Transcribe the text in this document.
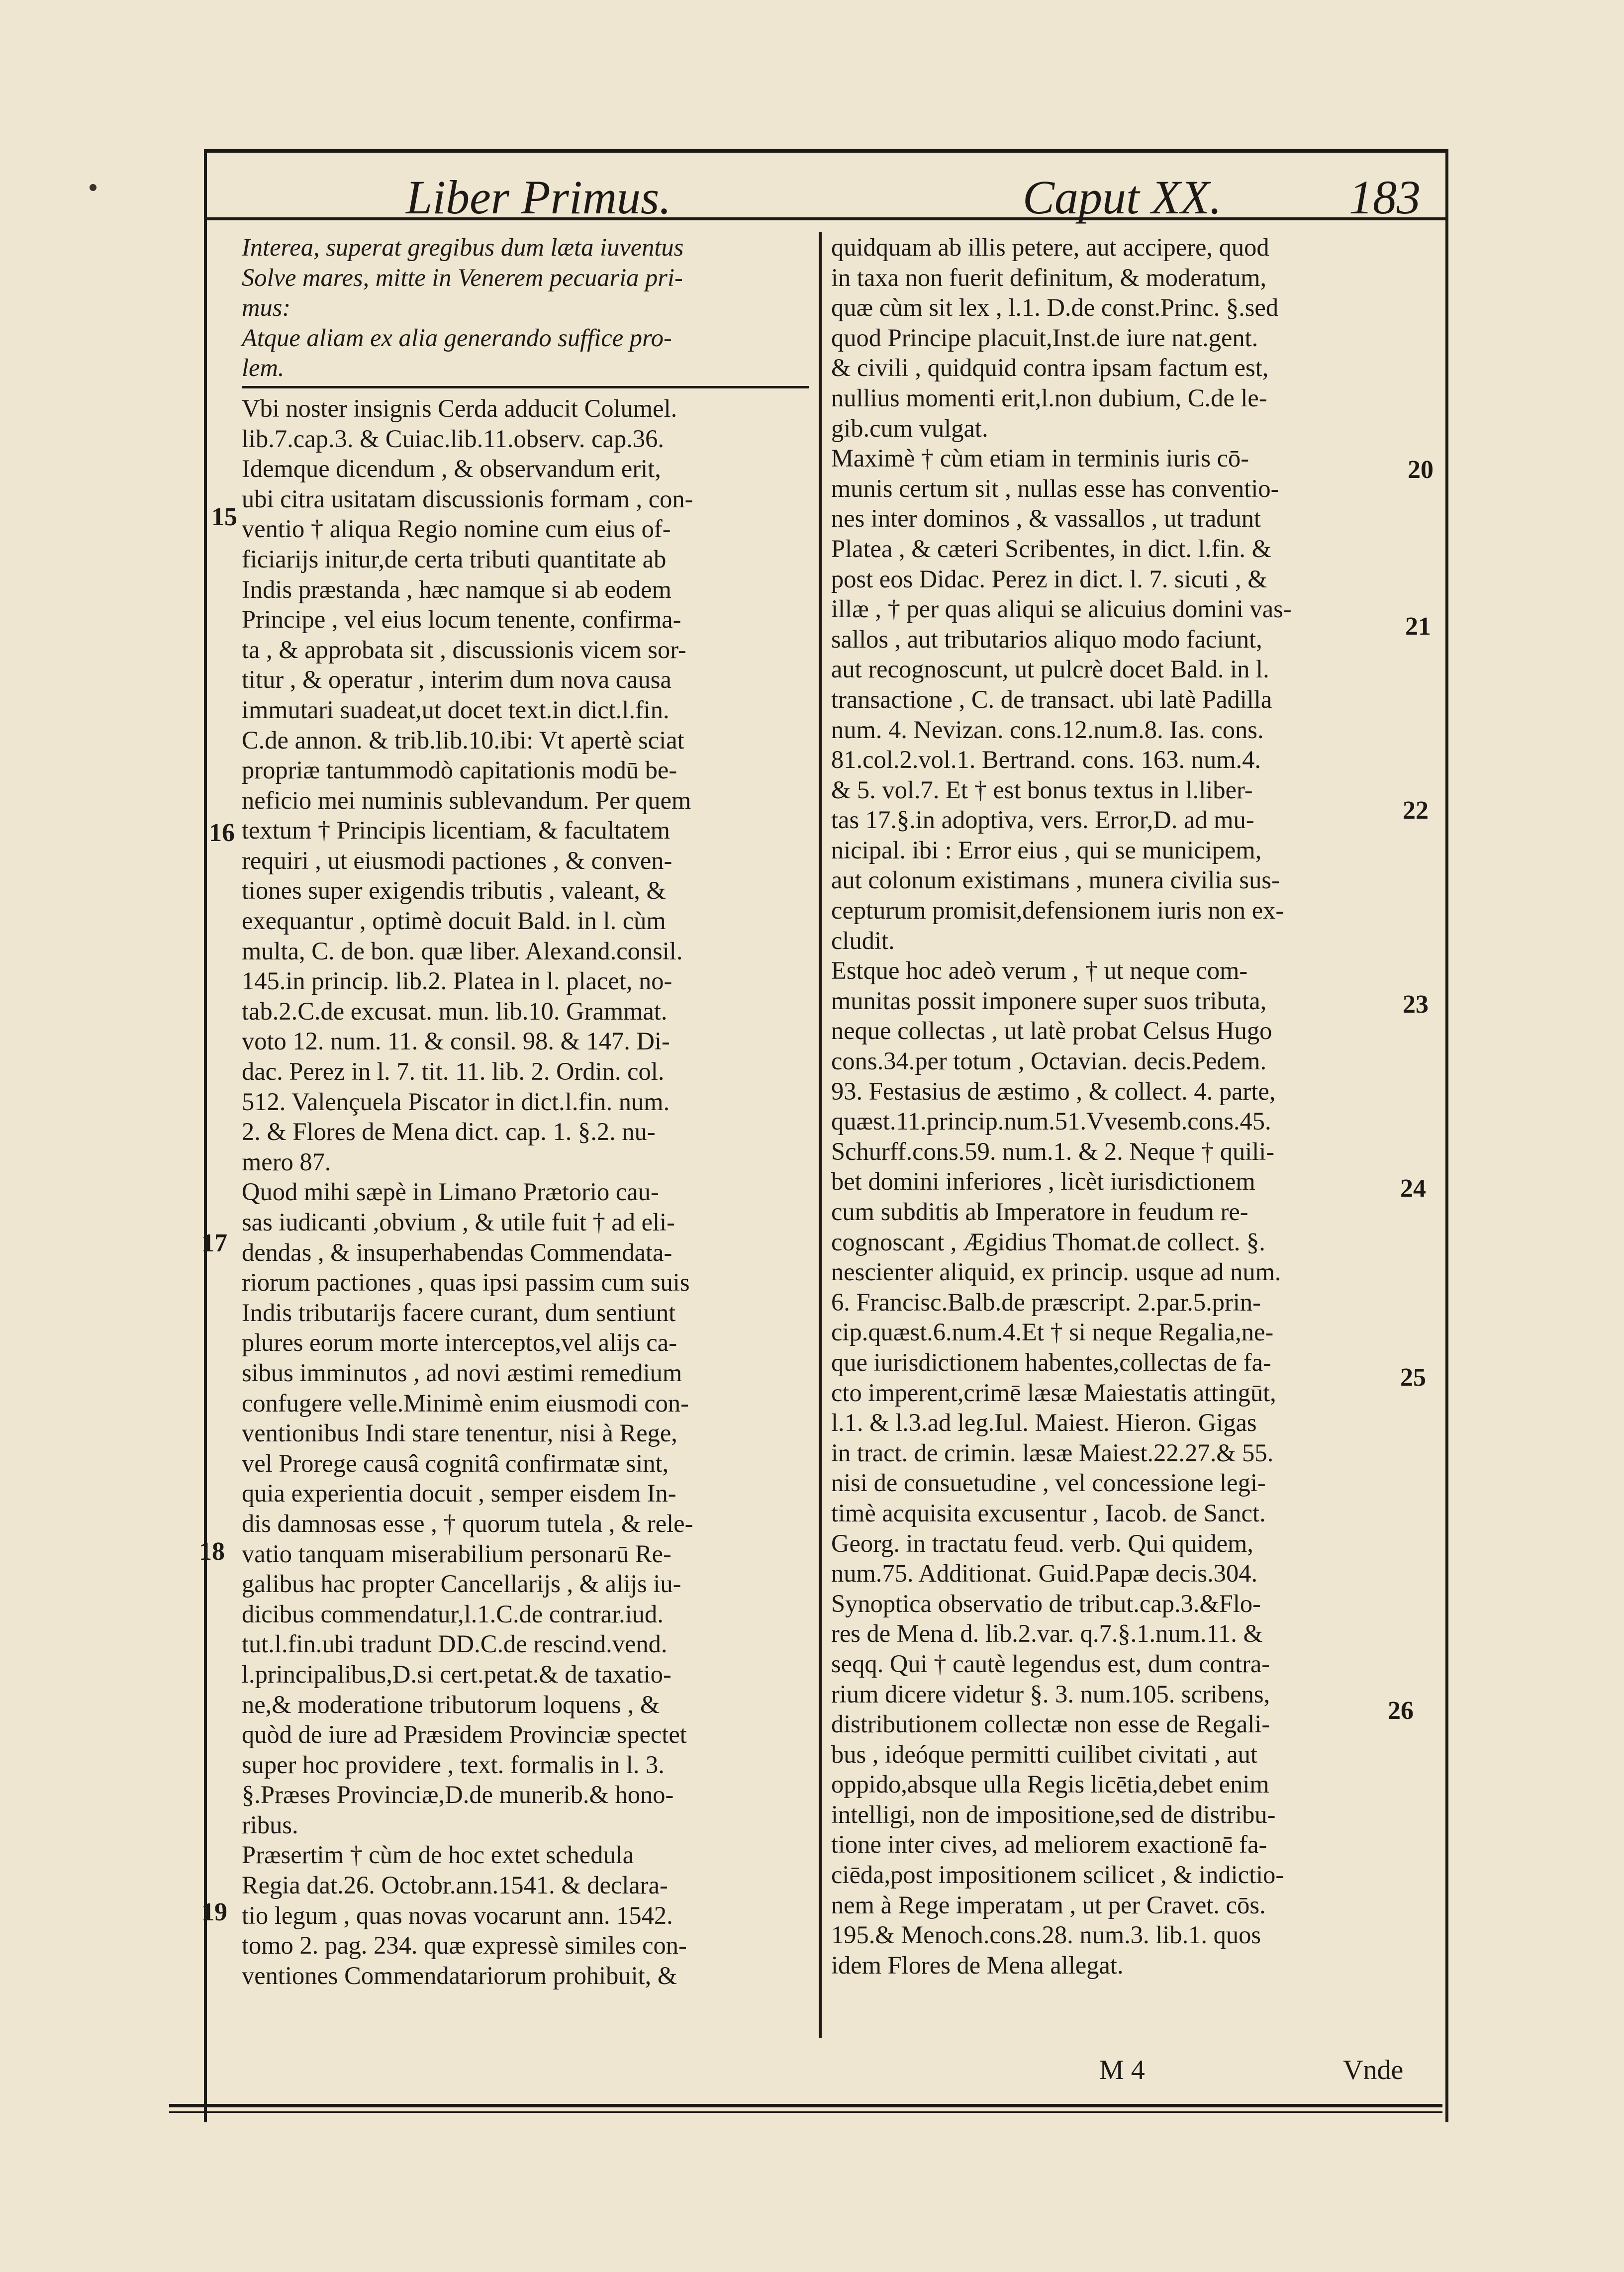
Liber Primus.	Caput XX.	183
Interea, superat gregibus dum læta iuventus
Solve mares, mitte in Venerem pecuaria pri-
mus:
Atque aliam ex alia generando suffice pro-
lem.
Vbi noster insignis Cerda adducit Columel.
lib.7.cap.3. & Cuiac.lib.11.observ. cap.36.
Idemque dicendum , & observandum erit,
ubi citra usitatam discussionis formam , con-
ventio † aliqua Regio nomine cum eius of-
ficiarijs initur,de certa tributi quantitate ab
Indis præstanda , hæc namque si ab eodem
Principe , vel eius locum tenente, confirma-
ta , & approbata sit , discussionis vicem sor-
titur , & operatur , interim dum nova causa
immutari suadeat,ut docet text.in dict.l.fin.
C.de annon. & trib.lib.10.ibi: Vt apertè sciat
propriæ tantummodò capitationis modū be-
neficio mei numinis sublevandum. Per quem
textum † Principis licentiam, & facultatem
requiri , ut eiusmodi pactiones , & conven-
tiones super exigendis tributis , valeant, &
exequantur , optimè docuit Bald. in l. cùm
multa, C. de bon. quæ liber. Alexand.consil.
145.in princip. lib.2. Platea in l. placet, no-
tab.2.C.de excusat. mun. lib.10. Grammat.
voto 12. num. 11. & consil. 98. & 147. Di-
dac. Perez in l. 7. tit. 11. lib. 2. Ordin. col.
512. Valençuela Piscator in dict.l.fin. num.
2. & Flores de Mena dict. cap. 1. §.2. nu-
mero 87.
Quod mihi sæpè in Limano Prætorio cau-
sas iudicanti ,obvium , & utile fuit † ad eli-
dendas , & insuperhabendas Commendata-
riorum pactiones , quas ipsi passim cum suis
Indis tributarijs facere curant, dum sentiunt
plures eorum morte interceptos,vel alijs ca-
sibus imminutos , ad novi æstimi remedium
confugere velle.Minimè enim eiusmodi con-
ventionibus Indi stare tenentur, nisi à Rege,
vel Prorege causâ cognitâ confirmatæ sint,
quia experientia docuit , semper eisdem In-
dis damnosas esse , † quorum tutela , & rele-
vatio tanquam miserabilium personarū Re-
galibus hac propter Cancellarijs , & alijs iu-
dicibus commendatur,l.1.C.de contrar.iud.
tut.l.fin.ubi tradunt DD.C.de rescind.vend.
l.principalibus,D.si cert.petat.& de taxatio-
ne,& moderatione tributorum loquens , &
quòd de iure ad Præsidem Provinciæ spectet
super hoc providere , text. formalis in l. 3.
§.Præses Provinciæ,D.de munerib.& hono-
ribus.
Præsertim † cùm de hoc extet schedula
Regia dat.26. Octobr.ann.1541. & declara-
tio legum , quas novas vocarunt ann. 1542.
tomo 2. pag. 234. quæ expressè similes con-
ventiones Commendatariorum prohibuit, &
quidquam ab illis petere, aut accipere, quod
in taxa non fuerit definitum, & moderatum,
quæ cùm sit lex , l.1. D.de const.Princ. §.sed
quod Principe placuit,Inst.de iure nat.gent.
& civili , quidquid contra ipsam factum est,
nullius momenti erit,l.non dubium, C.de le-
gib.cum vulgat.
Maximè † cùm etiam in terminis iuris cō-
munis certum sit , nullas esse has conventio-
nes inter dominos , & vassallos , ut tradunt
Platea , & cæteri Scribentes, in dict. l.fin. &
post eos Didac. Perez in dict. l. 7. sicuti , &
illæ , † per quas aliqui se alicuius domini vas-
sallos , aut tributarios aliquo modo faciunt,
aut recognoscunt, ut pulcrè docet Bald. in l.
transactione , C. de transact. ubi latè Padilla
num. 4. Nevizan. cons.12.num.8. Ias. cons.
81.col.2.vol.1. Bertrand. cons. 163. num.4.
& 5. vol.7. Et † est bonus textus in l.liber-
tas 17.§.in adoptiva, vers. Error,D. ad mu-
nicipal. ibi : Error eius , qui se municipem,
aut colonum existimans , munera civilia sus-
cepturum promisit,defensionem iuris non ex-
cludit.
Estque hoc adeò verum , † ut neque com-
munitas possit imponere super suos tributa,
neque collectas , ut latè probat Celsus Hugo
cons.34.per totum , Octavian. decis.Pedem.
93. Festasius de æstimo , & collect. 4. parte,
quæst.11.princip.num.51.Vvesemb.cons.45.
Schurff.cons.59. num.1. & 2. Neque † quili-
bet domini inferiores , licèt iurisdictionem
cum subditis ab Imperatore in feudum re-
cognoscant , Ægidius Thomat.de collect. §.
nescienter aliquid, ex princip. usque ad num.
6. Francisc.Balb.de præscript. 2.par.5.prin-
cip.quæst.6.num.4.Et † si neque Regalia,ne-
que iurisdictionem habentes,collectas de fa-
cto imperent,crimē læsæ Maiestatis attingūt,
l.1. & l.3.ad leg.Iul. Maiest. Hieron. Gigas
in tract. de crimin. læsæ Maiest.22.27.& 55.
nisi de consuetudine , vel concessione legi-
timè acquisita excusentur , Iacob. de Sanct.
Georg. in tractatu feud. verb. Qui quidem,
num.75. Additionat. Guid.Papæ decis.304.
Synoptica observatio de tribut.cap.3.&Flo-
res de Mena d. lib.2.var. q.7.§.1.num.11. &
seqq. Qui † cautè legendus est, dum contra-
rium dicere videtur §. 3. num.105. scribens,
distributionem collectæ non esse de Regali-
bus , ideóque permitti cuilibet civitati , aut
oppido,absque ulla Regis licētia,debet enim
intelligi, non de impositione,sed de distribu-
tione inter cives, ad meliorem exactionē fa-
ciēda,post impositionem scilicet , & indictio-
nem à Rege imperatam , ut per Cravet. cōs.
195.& Menoch.cons.28. num.3. lib.1. quos
idem Flores de Mena allegat.
15
16
17
18
19
20
21
22
23
24
25
26
M 4	Vnde
